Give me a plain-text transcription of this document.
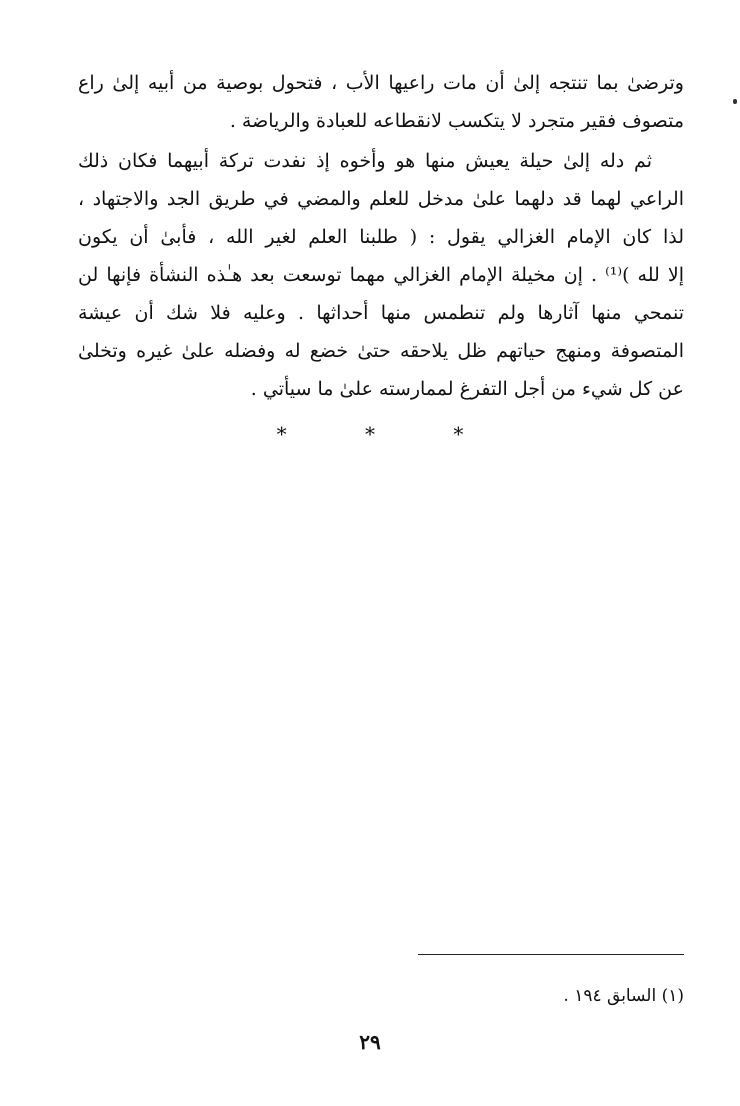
وترضىٰ بما تنتجه إلىٰ أن مات راعيها الأب ، فتحول بوصية من أبيه إلىٰ راع
متصوف فقير متجرد لا يتكسب لانقطاعه للعبادة والرياضة .
ثم دله إلىٰ حيلة يعيش منها هو وأخوه إذ نفدت تركة أبيهما فكان ذلك
الراعي لهما قد دلهما علىٰ مدخل للعلم والمضي في طريق الجد والاجتهاد ،
لذا كان الإمام الغزالي يقول : ( طلبنا العلم لغير الله ، فأبىٰ أن يكون
إلا لله )⁽¹⁾ . إن مخيلة الإمام الغزالي مهما توسعت بعد هـٰذه النشأة فإنها لن
تنمحي منها آثارها ولم تنطمس منها أحداثها . وعليه فلا شك أن عيشة
المتصوفة ومنهج حياتهم ظل يلاحقه حتىٰ خضع له وفضله علىٰ غيره وتخلىٰ
عن كل شيء من أجل التفرغ لممارسته علىٰ ما سيأتي .
* * *
(١) السابق ١٩٤ .
٢٩
